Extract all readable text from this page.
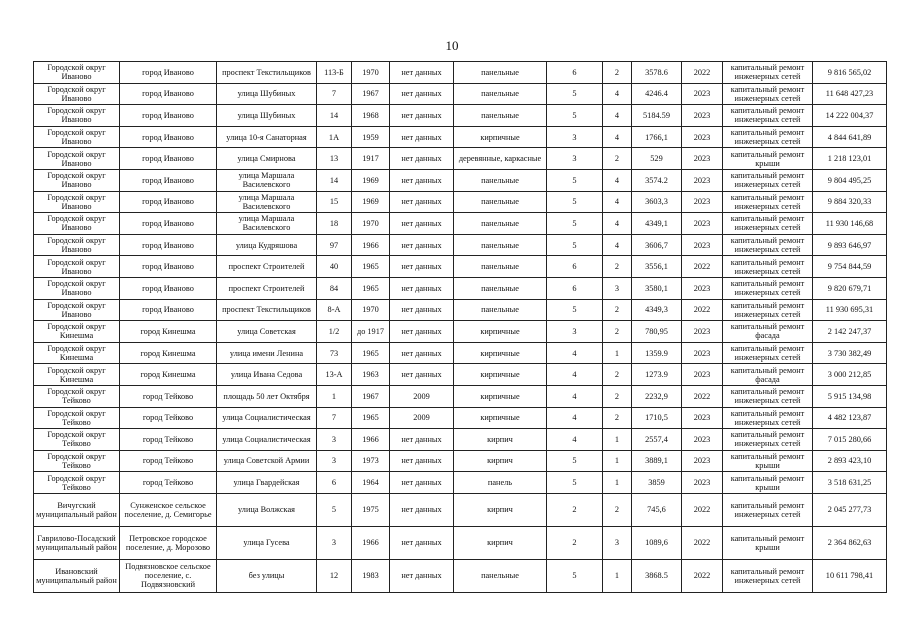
10
Городской округ Иваново	город Иваново	проспект Текстильщиков	113-Б	1970	нет данных	панельные	6	2	3578.6	2022	капитальный ремонт инженерных сетей	9 816 565,02
Городской округ Иваново	город Иваново	улица Шубиных	7	1967	нет данных	панельные	5	4	4246.4	2023	капитальный ремонт инженерных сетей	11 648 427,23
Городской округ Иваново	город Иваново	улица Шубиных	14	1968	нет данных	панельные	5	4	5184.59	2023	капитальный ремонт инженерных сетей	14 222 004,37
Городской округ Иваново	город Иваново	улица 10-я Санаторная	1А	1959	нет данных	кирпичные	3	4	1766,1	2023	капитальный ремонт инженерных сетей	4 844 641,89
Городской округ Иваново	город Иваново	улица Смирнова	13	1917	нет данных	деревянные, каркасные	3	2	529	2023	капитальный ремонт крыши	1 218 123,01
Городской округ Иваново	город Иваново	улица Маршала Василевского	14	1969	нет данных	панельные	5	4	3574.2	2023	капитальный ремонт инженерных сетей	9 804 495,25
Городской округ Иваново	город Иваново	улица Маршала Василевского	15	1969	нет данных	панельные	5	4	3603,3	2023	капитальный ремонт инженерных сетей	9 884 320,33
Городской округ Иваново	город Иваново	улица Маршала Василевского	18	1970	нет данных	панельные	5	4	4349,1	2023	капитальный ремонт инженерных сетей	11 930 146,68
Городской округ Иваново	город Иваново	улица Кудряшова	97	1966	нет данных	панельные	5	4	3606,7	2023	капитальный ремонт инженерных сетей	9 893 646,97
Городской округ Иваново	город Иваново	проспект Строителей	40	1965	нет данных	панельные	6	2	3556,1	2022	капитальный ремонт инженерных сетей	9 754 844,59
Городской округ Иваново	город Иваново	проспект Строителей	84	1965	нет данных	панельные	6	3	3580,1	2023	капитальный ремонт инженерных сетей	9 820 679,71
Городской округ Иваново	город Иваново	проспект Текстильщиков	8-А	1970	нет данных	панельные	5	2	4349,3	2022	капитальный ремонт инженерных сетей	11 930 695,31
Городской округ Кинешма	город Кинешма	улица Советская	1/2	до 1917	нет данных	кирпичные	3	2	780,95	2023	капитальный ремонт фасада	2 142 247,37
Городской округ Кинешма	город Кинешма	улица имени Ленина	73	1965	нет данных	кирпичные	4	1	1359.9	2023	капитальный ремонт инженерных сетей	3 730 382,49
Городской округ Кинешма	город Кинешма	улица Ивана Седова	13-А	1963	нет данных	кирпичные	4	2	1273.9	2023	капитальный ремонт фасада	3 000 212,85
Городской округ Тейково	город Тейково	площадь 50 лет Октября	1	1967	2009	кирпичные	4	2	2232,9	2022	капитальный ремонт инженерных сетей	5 915 134,98
Городской округ Тейково	город Тейково	улица Социалистическая	7	1965	2009	кирпичные	4	2	1710,5	2023	капитальный ремонт инженерных сетей	4 482 123,87
Городской округ Тейково	город Тейково	улица Социалистическая	3	1966	нет данных	кирпич	4	1	2557,4	2023	капитальный ремонт инженерных сетей	7 015 280,66
Городской округ Тейково	город Тейково	улица Советской Армии	3	1973	нет данных	кирпич	5	1	3889,1	2023	капитальный ремонт крыши	2 893 423,10
Городской округ Тейково	город Тейково	улица Гвардейская	6	1964	нет данных	панель	5	1	3859	2023	капитальный ремонт крыши	3 518 631,25
Вичугский муниципальный район	Сунженское сельское поселение, д. Семигорье	улица Волжская	5	1975	нет данных	кирпич	2	2	745,6	2022	капитальный ремонт инженерных сетей	2 045 277,73
Гаврилово-Посадский муниципальный район	Петровское городское поселение, д. Морозово	улица Гусева	3	1966	нет данных	кирпич	2	3	1089,6	2022	капитальный ремонт крыши	2 364 862,63
Ивановский муниципальный район	Подвязновское сельское поселение, с. Подвязновский	без улицы	12	1983	нет данных	панельные	5	1	3868.5	2022	капитальный ремонт инженерных сетей	10 611 798,41
